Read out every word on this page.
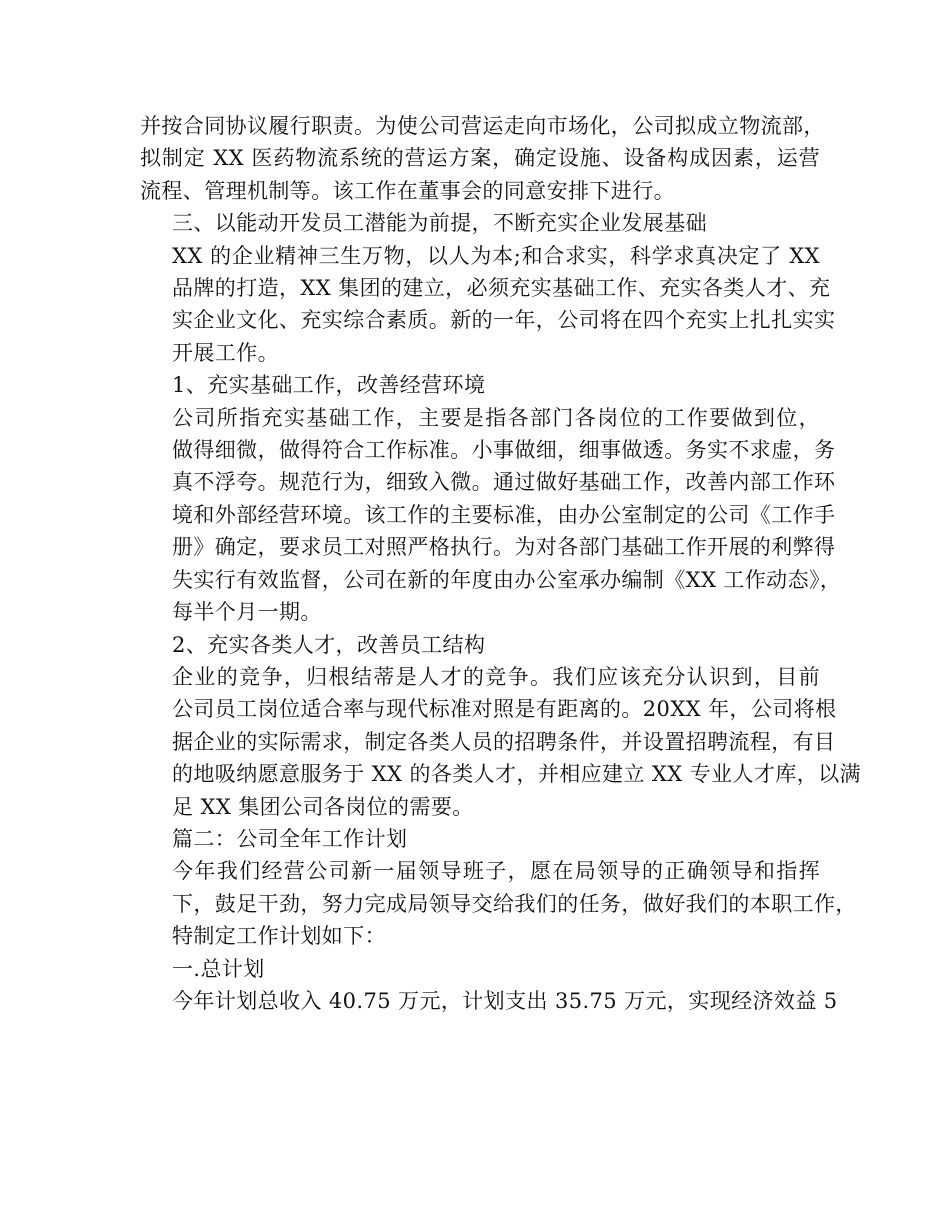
并按合同协议履行职责。为使公司营运走向市场化，公司拟成立物流部，
拟制定 XX 医药物流系统的营运方案，确定设施、设备构成因素，运营
流程、管理机制等。该工作在董事会的同意安排下进行。

三、以能动开发员工潜能为前提，不断充实企业发展基础

XX 的企业精神三生万物，以人为本;和合求实，科学求真决定了 XX
品牌的打造，XX 集团的建立，必须充实基础工作、充实各类人才、充
实企业文化、充实综合素质。新的一年，公司将在四个充实上扎扎实实
开展工作。

1、充实基础工作，改善经营环境

公司所指充实基础工作，主要是指各部门各岗位的工作要做到位，
做得细微，做得符合工作标准。小事做细，细事做透。务实不求虚，务
真不浮夸。规范行为，细致入微。通过做好基础工作，改善内部工作环
境和外部经营环境。该工作的主要标准，由办公室制定的公司《工作手
册》确定，要求员工对照严格执行。为对各部门基础工作开展的利弊得
失实行有效监督，公司在新的年度由办公室承办编制《XX 工作动态》，
每半个月一期。

2、充实各类人才，改善员工结构

企业的竞争，归根结蒂是人才的竞争。我们应该充分认识到，目前
公司员工岗位适合率与现代标准对照是有距离的。20XX 年，公司将根
据企业的实际需求，制定各类人员的招聘条件，并设置招聘流程，有目
的地吸纳愿意服务于 XX 的各类人才，并相应建立 XX 专业人才库，以满
足 XX 集团公司各岗位的需要。

篇二：公司全年工作计划

今年我们经营公司新一届领导班子，愿在局领导的正确领导和指挥
下，鼓足干劲，努力完成局领导交给我们的任务，做好我们的本职工作，
特制定工作计划如下：

一.总计划

今年计划总收入 40.75 万元，计划支出 35.75 万元，实现经济效益 5
